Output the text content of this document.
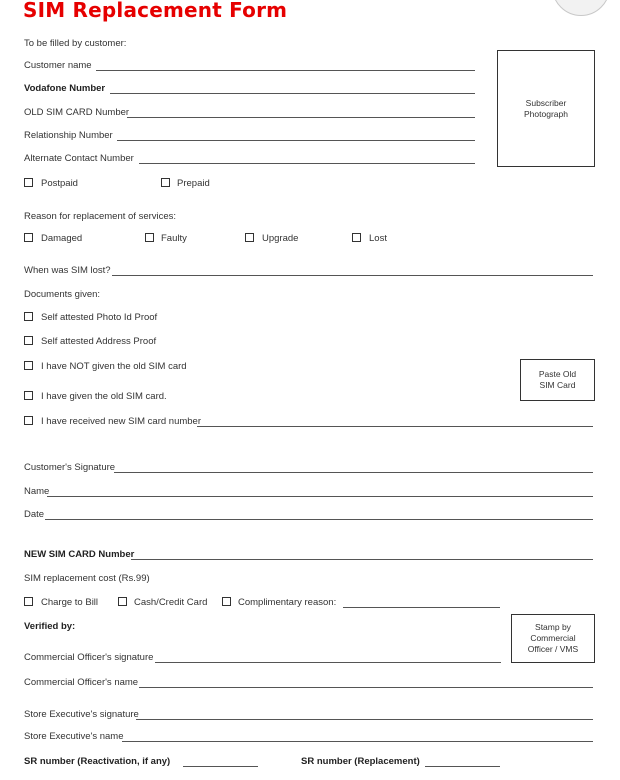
SIM Replacement Form
To be filled by customer:
Customer name
Vodafone Number
OLD SIM CARD Number
Relationship Number
Alternate Contact Number
Subscriber
Photograph
Postpaid	Prepaid
Reason for replacement of services:
Damaged	Faulty	Upgrade	Lost
When was SIM lost?
Documents given:
Self attested Photo Id Proof
Self attested Address Proof
I have NOT given the old SIM card
I have given the old SIM card.
I have received new SIM card number
Paste Old
SIM Card
Customer's Signature
Name
Date
NEW SIM CARD Number
SIM replacement cost (Rs.99)
Charge to Bill	Cash/Credit Card	Complimentary reason:
Verified by:	Stamp by
Commercial
Officer / VMS
Commercial Officer's signature
Commercial Officer's name
Store Executive's signature
Store Executive's name
SR number (Reactivation, if any)	SR number (Replacement)
